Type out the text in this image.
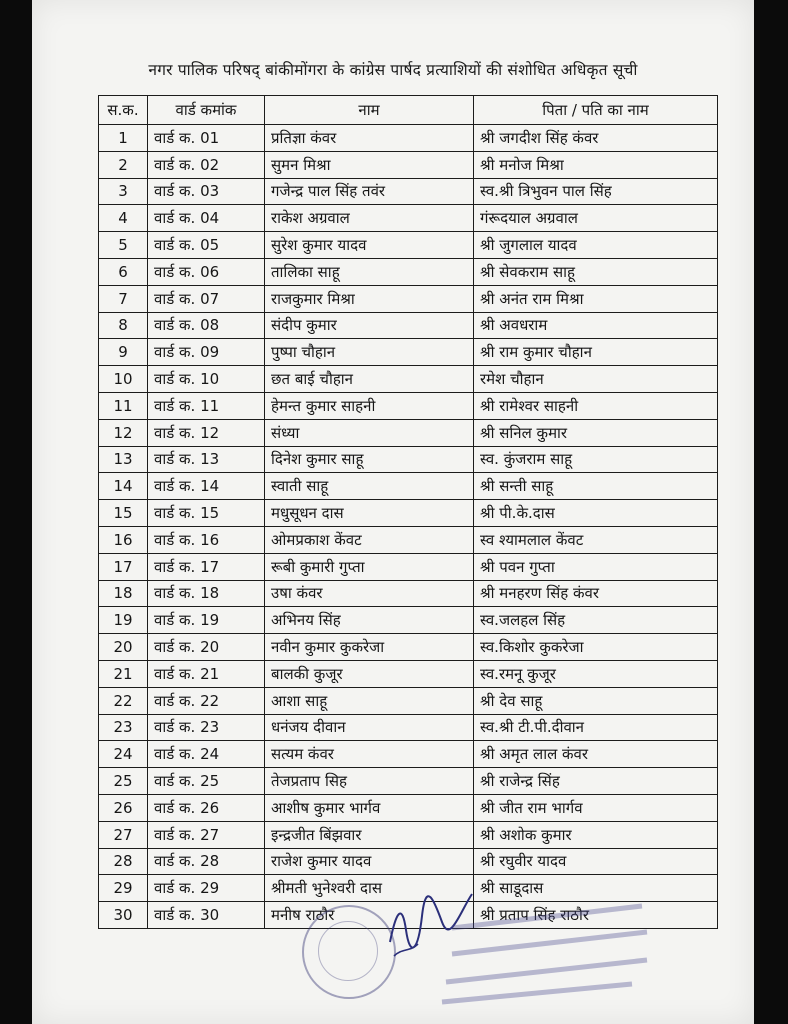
नगर पालिक परिषद् बांकीमोंगरा के कांग्रेस पार्षद प्रत्याशियों की संशोधित अधिकृत सूची
स.क.	वार्ड कमांक	नाम	पिता / पति का नाम
1	वार्ड क. 01	प्रतिज्ञा कंवर	श्री जगदीश सिंह कंवर
2	वार्ड क. 02	सुमन मिश्रा	श्री मनोज मिश्रा
3	वार्ड क. 03	गजेन्द्र पाल सिंह तवंर	स्व.श्री त्रिभुवन पाल सिंह
4	वार्ड क. 04	राकेश अग्रवाल	गंरूदयाल अग्रवाल
5	वार्ड क. 05	सुरेश कुमार यादव	श्री जुगलाल यादव
6	वार्ड क. 06	तालिका साहू	श्री सेवकराम साहू
7	वार्ड क. 07	राजकुमार मिश्रा	श्री अनंत राम मिश्रा
8	वार्ड क. 08	संदीप कुमार	श्री अवधराम
9	वार्ड क. 09	पुष्पा चौहान	श्री राम कुमार चौहान
10	वार्ड क. 10	छत बाई चौहान	रमेश चौहान
11	वार्ड क. 11	हेमन्त कुमार साहनी	श्री रामेश्वर साहनी
12	वार्ड क. 12	संध्या	श्री सनिल कुमार
13	वार्ड क. 13	दिनेश कुमार साहू	स्व. कुंजराम साहू
14	वार्ड क. 14	स्वाती साहू	श्री सन्ती साहू
15	वार्ड क. 15	मधुसूधन दास	श्री पी.के.दास
16	वार्ड क. 16	ओमप्रकाश केंवट	स्व श्यामलाल केंवट
17	वार्ड क. 17	रूबी कुमारी गुप्ता	श्री पवन गुप्ता
18	वार्ड क. 18	उषा कंवर	श्री मनहरण सिंह कंवर
19	वार्ड क. 19	अभिनय सिंह	स्व.जलहल सिंह
20	वार्ड क. 20	नवीन कुमार कुकरेजा	स्व.किशोर कुकरेजा
21	वार्ड क. 21	बालकी कुजूर	स्व.रमनू कुजूर
22	वार्ड क. 22	आशा साहू	श्री देव साहू
23	वार्ड क. 23	धनंजय दीवान	स्व.श्री टी.पी.दीवान
24	वार्ड क. 24	सत्यम कंवर	श्री अमृत लाल कंवर
25	वार्ड क. 25	तेजप्रताप सिह	श्री राजेन्द्र सिंह
26	वार्ड क. 26	आशीष कुमार भार्गव	श्री जीत राम भार्गव
27	वार्ड क. 27	इन्द्रजीत बिंझवार	श्री अशोक कुमार
28	वार्ड क. 28	राजेश कुमार यादव	श्री रघुवीर यादव
29	वार्ड क. 29	श्रीमती भुनेश्वरी दास	श्री साडूदास
30	वार्ड क. 30	मनीष राठौर	श्री प्रताप सिंह राठौर
